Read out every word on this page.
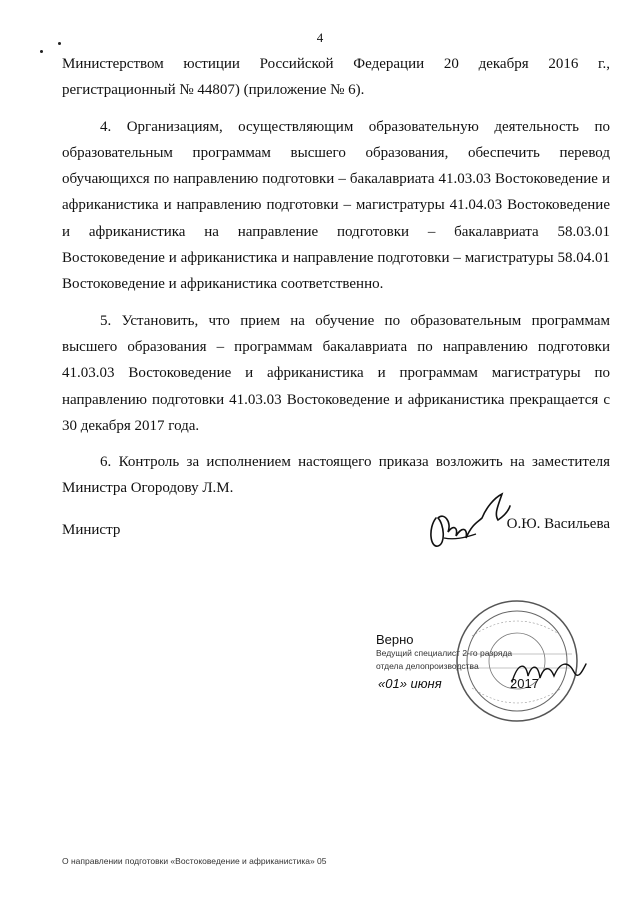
4

Министерством юстиции Российской Федерации 20 декабря 2016 г., регистрационный № 44807) (приложение № 6).

4. Организациям, осуществляющим образовательную деятельность по образовательным программам высшего образования, обеспечить перевод обучающихся по направлению подготовки – бакалавриата 41.03.03 Востоковедение и африканистика и направлению подготовки – магистратуры 41.04.03 Востоковедение и африканистика на направление подготовки – бакалавриата 58.03.01 Востоковедение и африканистика и направление подготовки – магистратуры 58.04.01 Востоковедение и африканистика соответственно.

5. Установить, что прием на обучение по образовательным программам высшего образования – программам бакалавриата по направлению подготовки 41.03.03 Востоковедение и африканистика и программам магистратуры по направлению подготовки 41.03.03 Востоковедение и африканистика прекращается с 30 декабря 2017 года.

6. Контроль за исполнением настоящего приказа возложить на заместителя Министра Огородову Л.М.

Министр	О.Ю. Васильева
Верно
Ведущий специалист 2-го разряда
отдела делопроизводства
«01» июня	2017
О направлении подготовки «Востоковедение и африканистика» 05
